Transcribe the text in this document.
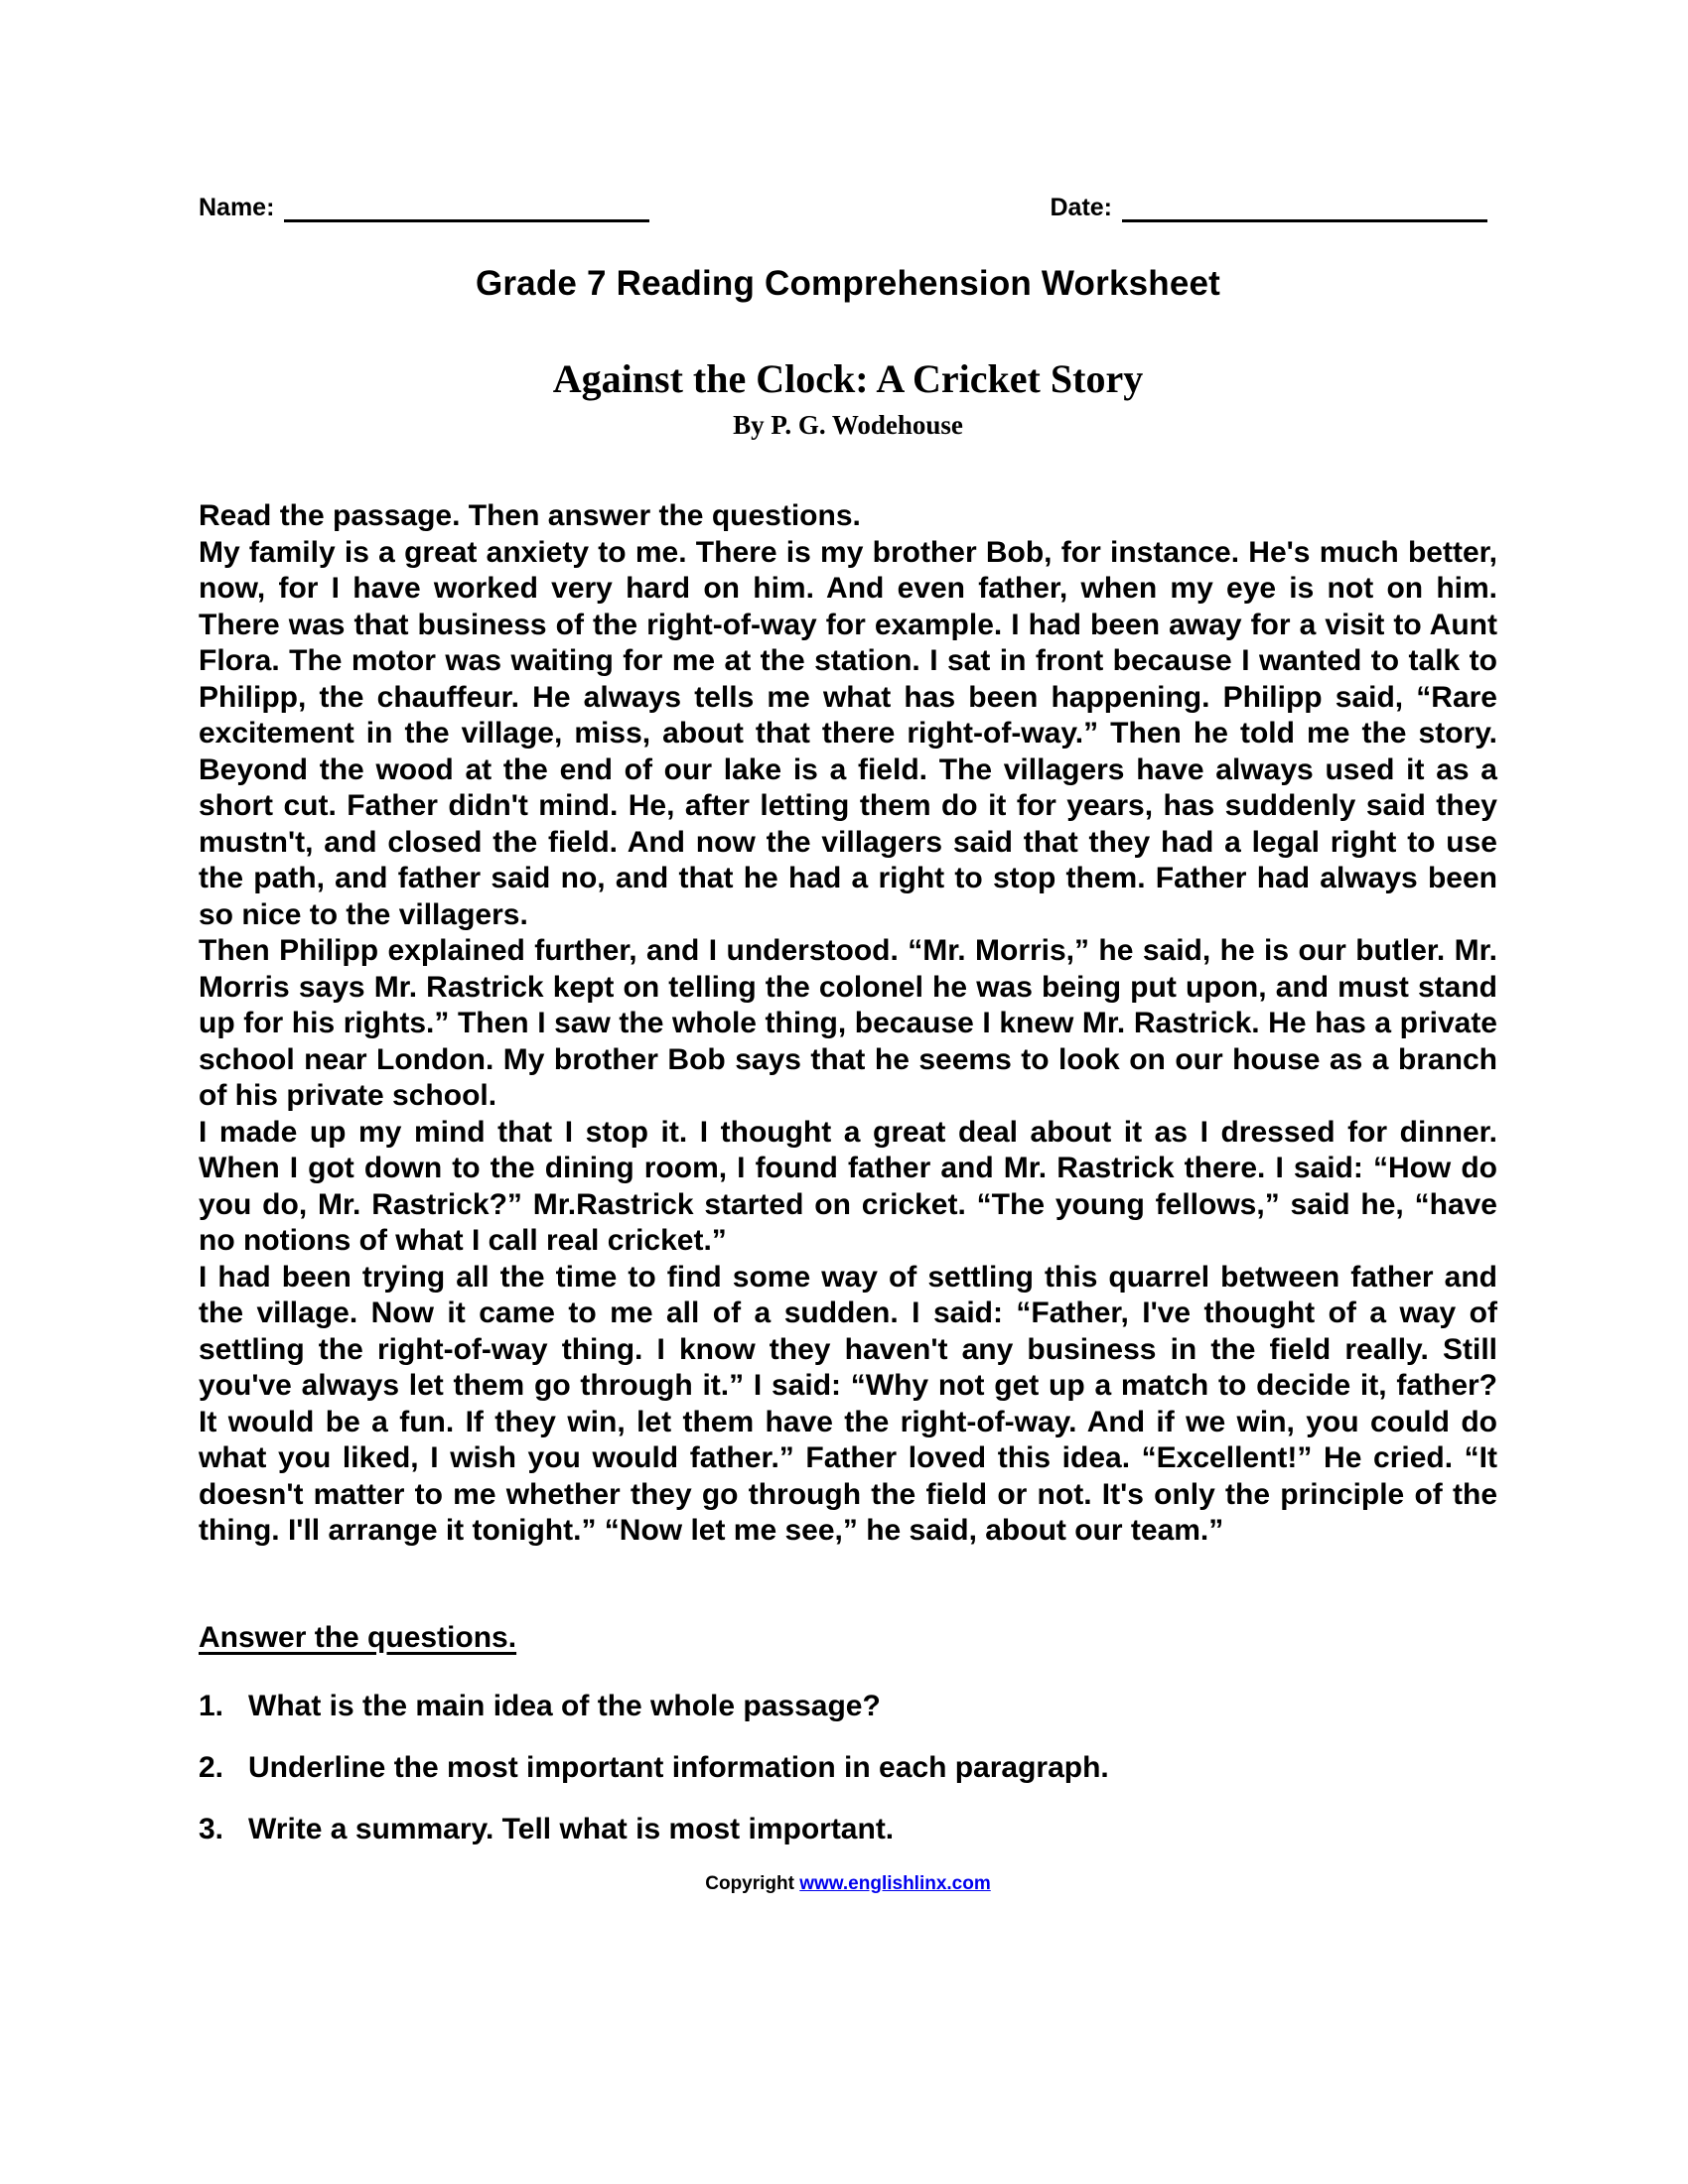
Name:	Date:
Grade 7 Reading Comprehension Worksheet
Against the Clock: A Cricket Story
By P. G. Wodehouse

Read the passage. Then answer the questions.

My family is a great anxiety to me. There is my brother Bob, for instance. He's much better, now, for I have worked very hard on him. And even father, when my eye is not on him. There was that business of the right-of-way for example. I had been away for a visit to Aunt Flora. The motor was waiting for me at the station. I sat in front because I wanted to talk to Philipp, the chauffeur. He always tells me what has been happening. Philipp said, “Rare excitement in the village, miss, about that there right-of-way.” Then he told me the story. Beyond the wood at the end of our lake is a field. The villagers have always used it as a short cut. Father didn't mind. He, after letting them do it for years, has suddenly said they mustn't, and closed the field. And now the villagers said that they had a legal right to use the path, and father said no, and that he had a right to stop them. Father had always been so nice to the villagers.

Then Philipp explained further, and I understood. “Mr. Morris,” he said, he is our butler. Mr. Morris says Mr. Rastrick kept on telling the colonel he was being put upon, and must stand up for his rights.” Then I saw the whole thing, because I knew Mr. Rastrick. He has a private school near London. My brother Bob says that he seems to look on our house as a branch of his private school.

I made up my mind that I stop it. I thought a great deal about it as I dressed for dinner. When I got down to the dining room, I found father and Mr. Rastrick there. I said: “How do you do, Mr. Rastrick?” Mr.Rastrick started on cricket. “The young fellows,” said he, “have no notions of what I call real cricket.”

I had been trying all the time to find some way of settling this quarrel between father and the village. Now it came to me all of a sudden. I said: “Father, I've thought of a way of settling the right-of-way thing. I know they haven't any business in the field really. Still you've always let them go through it.” I said: “Why not get up a match to decide it, father? It would be a fun. If they win, let them have the right-of-way. And if we win, you could do what you liked, I wish you would father.” Father loved this idea. “Excellent!” He cried. “It doesn't matter to me whether they go through the field or not. It's only the principle of the thing. I'll arrange it tonight.” “Now let me see,” he said, about our team.”

Answer the questions.
1. What is the main idea of the whole passage?
2. Underline the most important information in each paragraph.
3. Write a summary. Tell what is most important.
Copyright www.englishlinx.com
